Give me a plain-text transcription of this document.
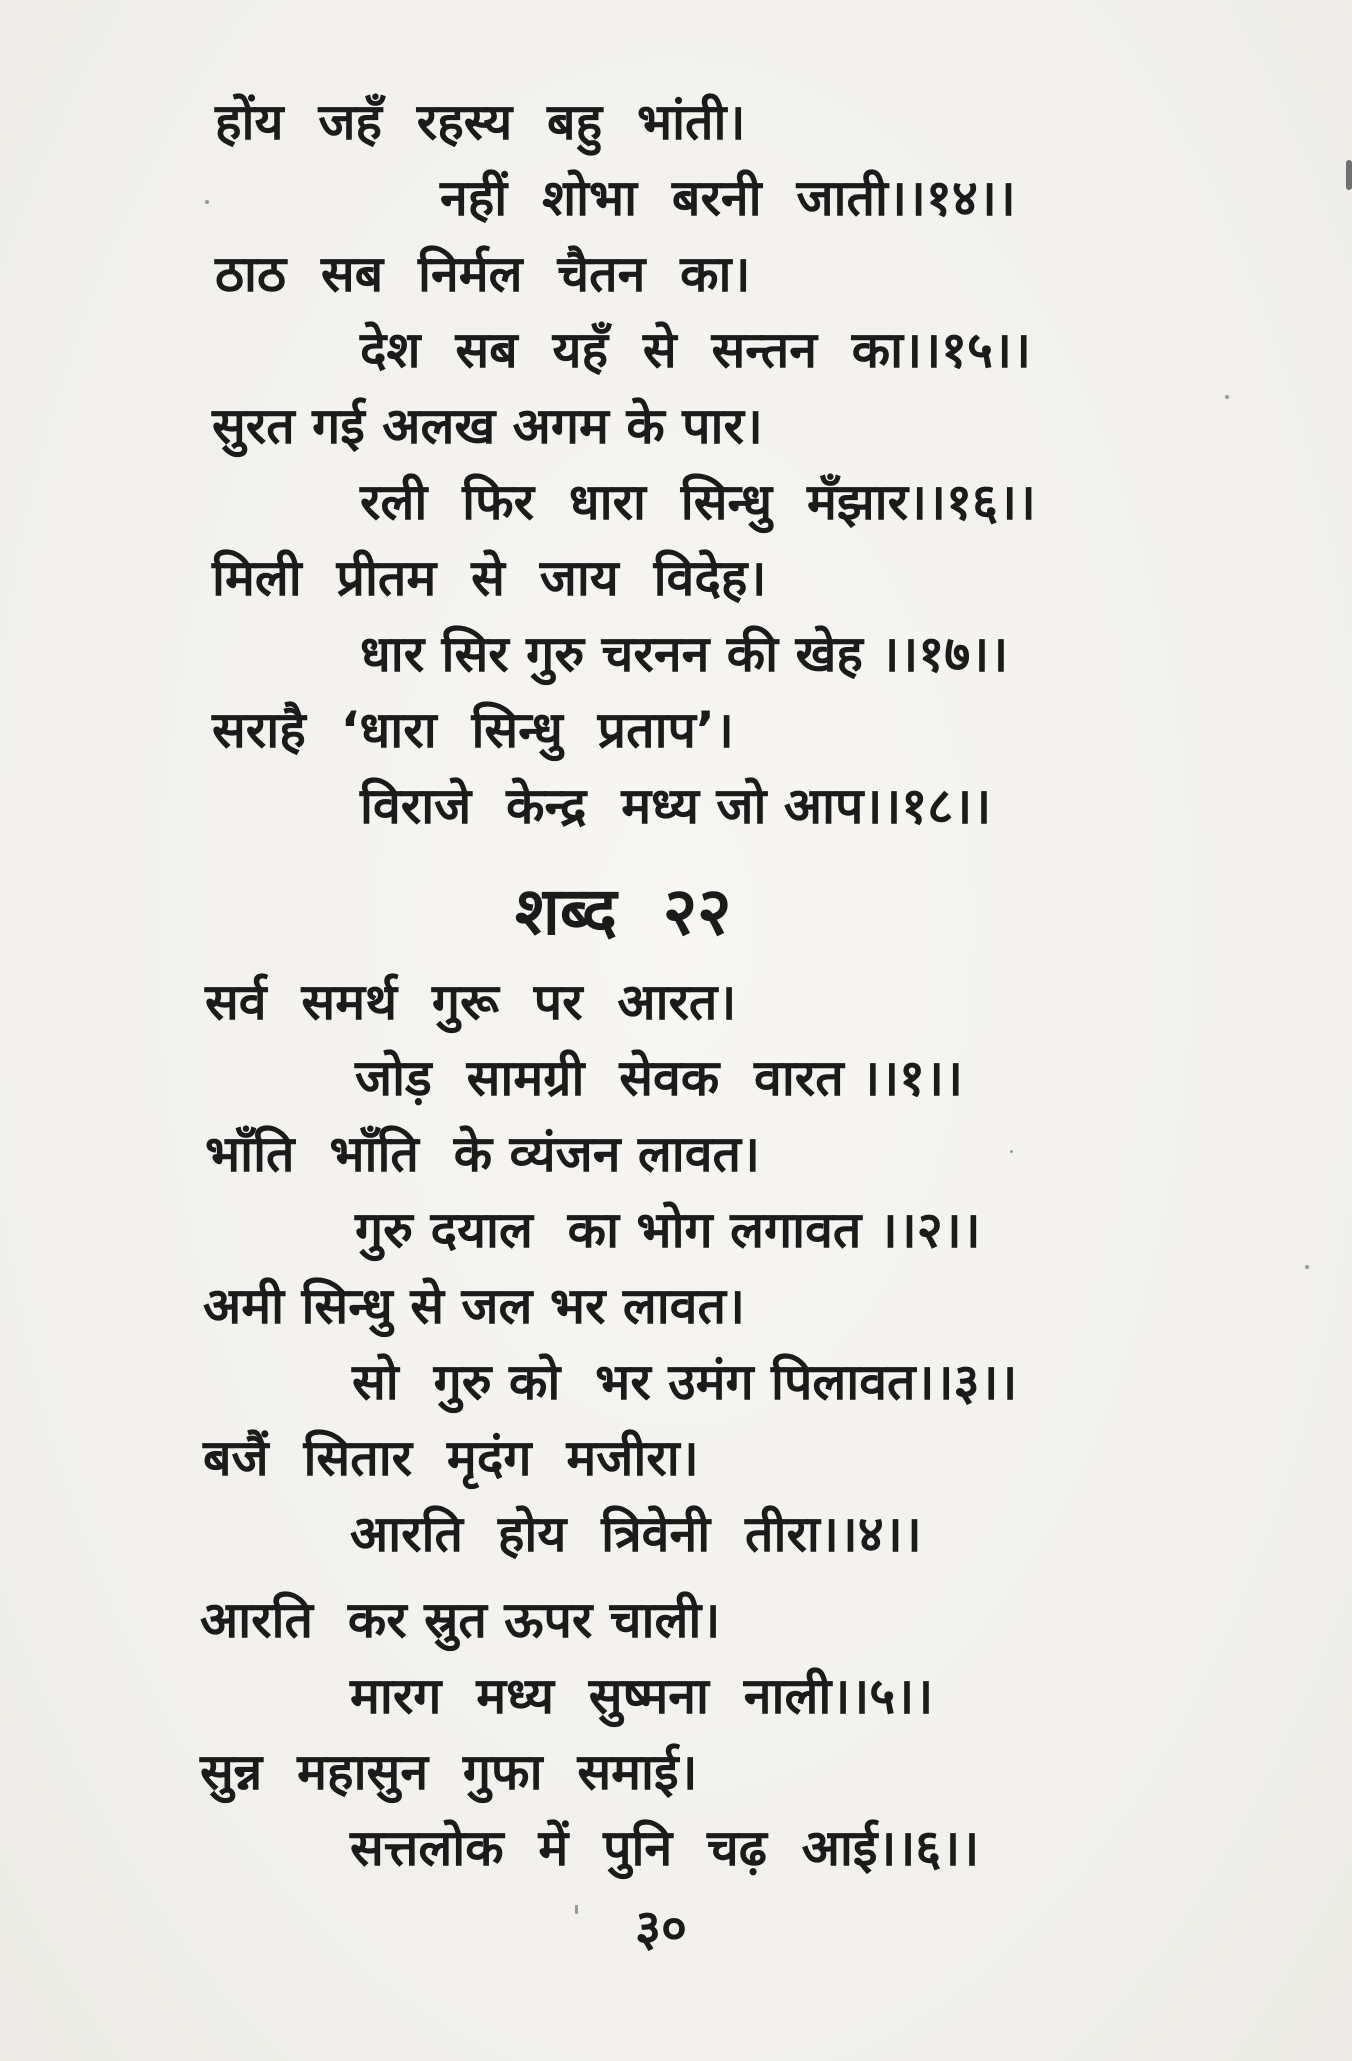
होंय  जहँ  रहस्य  बहु  भांती।
नहीं  शोभा  बरनी  जाती।।१४।।
ठाठ  सब  निर्मल  चैतन  का।
देश  सब  यहँ  से  सन्तन  का।।१५।।
सुरत गई अलख अगम के पार।
रली  फिर  धारा  सिन्धु  मँझार।।१६।।
मिली  प्रीतम  से  जाय  विदेह।
धार सिर गुरु चरनन की खेह ।।१७।।
सराहै  ‘धारा  सिन्धु  प्रताप’।
विराजे  केन्द्र  मध्य जो आप।।१८।।
शब्द  २२
सर्व  समर्थ  गुरू  पर  आरत।
जोड़  सामग्री  सेवक  वारत ।।१।।
भाँति  भाँति  के व्यंजन लावत।
गुरु दयाल  का भोग लगावत ।।२।।
अमी सिन्धु से जल भर लावत।
सो  गुरु को  भर उमंग पिलावत।।३।।
बजैं  सितार  मृदंग  मजीरा।
आरति  होय  त्रिवेनी  तीरा।।४।।
आरति  कर स्रुत ऊपर चाली।
मारग  मध्य  सुष्मना  नाली।।५।।
सुन्न  महासुन  गुफा  समाई।
सत्तलोक  में  पुनि  चढ़  आई।।६।।
३०
